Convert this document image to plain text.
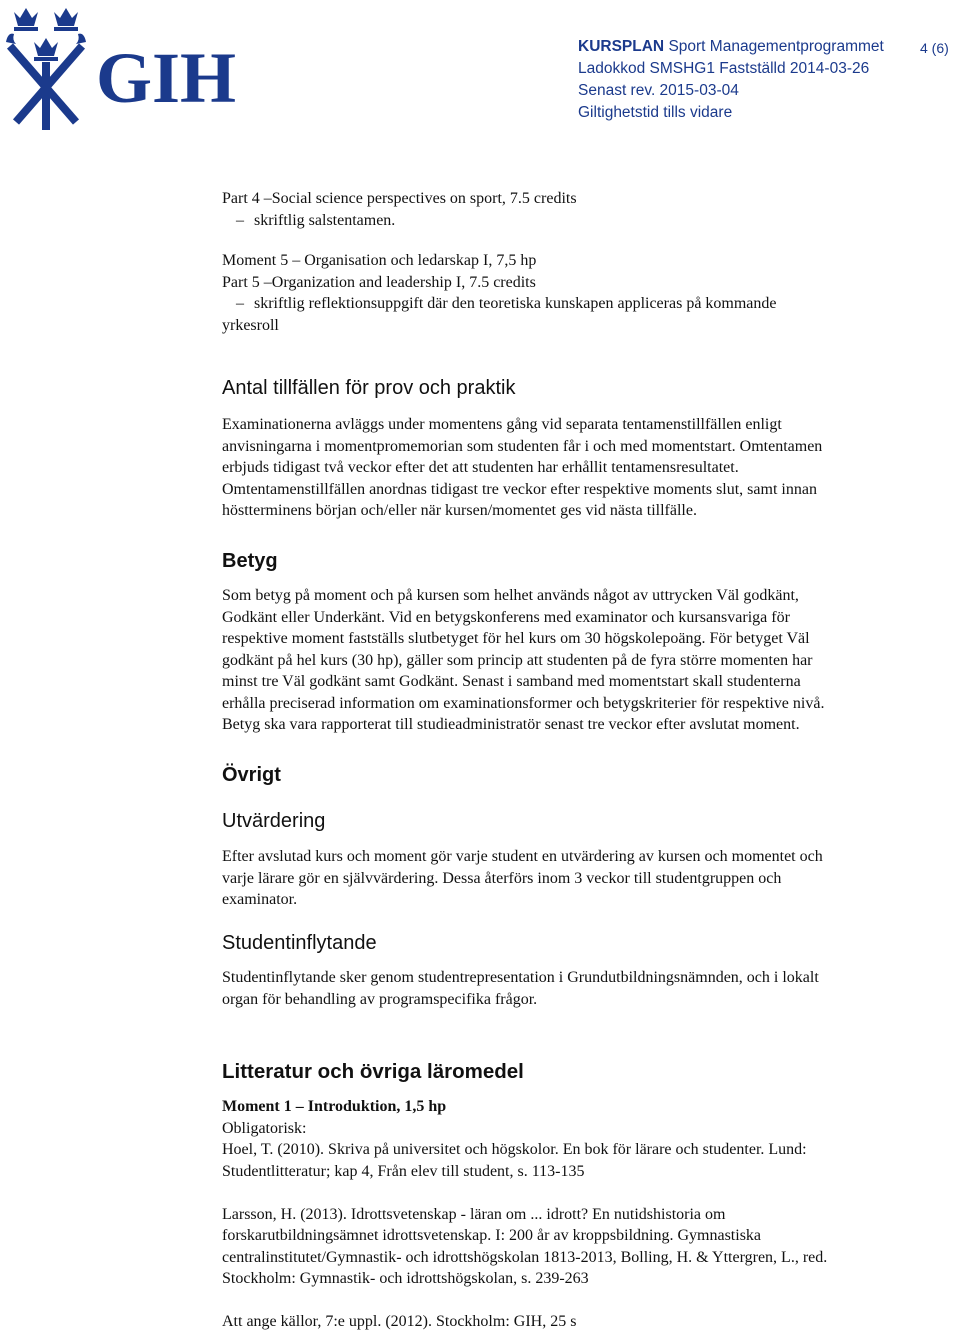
GIH	KURSPLAN Sport Managementprogrammet
Ladokkod SMSHG1 Fastställd 2014-03-26
Senast rev. 2015-03-04
Giltighetstid tills vidare
4 (6)

Part 4 –Social science perspectives on sport, 7.5 credits

– skriftlig salstentamen.

Moment 5 – Organisation och ledarskap I, 7,5 hp

Part 5 –Organization and leadership I, 7.5 credits

– skriftlig reflektionsuppgift där den teoretiska kunskapen appliceras på kommande

yrkesroll

Antal tillfällen för prov och praktik

Examinationerna avläggs under momentens gång vid separata tentamenstillfällen enligt

anvisningarna i momentpromemorian som studenten får i och med momentstart. Omtentamen

erbjuds tidigast två veckor efter det att studenten har erhållit tentamensresultatet.

Omtentamenstillfällen anordnas tidigast tre veckor efter respektive moments slut, samt innan

höstterminens början och/eller när kursen/momentet ges vid nästa tillfälle.

Betyg

Som betyg på moment och på kursen som helhet används något av uttrycken Väl godkänt,

Godkänt eller Underkänt. Vid en betygskonferens med examinator och kursansvariga för

respektive moment fastställs slutbetyget för hel kurs om 30 högskolepoäng. För betyget Väl

godkänt på hel kurs (30 hp), gäller som princip att studenten på de fyra större momenten har

minst tre Väl godkänt samt Godkänt. Senast i samband med momentstart skall studenterna

erhålla preciserad information om examinationsformer och betygskriterier för respektive nivå.

Betyg ska vara rapporterat till studieadministratör senast tre veckor efter avslutat moment.

Övrigt
Utvärdering

Efter avslutad kurs och moment gör varje student en utvärdering av kursen och momentet och

varje lärare gör en självvärdering. Dessa återförs inom 3 veckor till studentgruppen och

examinator.

Studentinflytande

Studentinflytande sker genom studentrepresentation i Grundutbildningsnämnden, och i lokalt

organ för behandling av programspecifika frågor.

Litteratur och övriga läromedel

Moment 1 – Introduktion, 1,5 hp

Obligatorisk:

Hoel, T. (2010). Skriva på universitet och högskolor. En bok för lärare och studenter. Lund:

Studentlitteratur; kap 4, Från elev till student, s. 113-135

Larsson, H. (2013). Idrottsvetenskap - läran om ... idrott? En nutidshistoria om

forskarutbildningsämnet idrottsvetenskap. I: 200 år av kroppsbildning. Gymnastiska

centralinstitutet/Gymnastik- och idrottshögskolan 1813-2013, Bolling, H. & Yttergren, L., red.

Stockholm: Gymnastik- och idrottshögskolan, s. 239-263

Att ange källor, 7:e uppl. (2012). Stockholm: GIH, 25 s
